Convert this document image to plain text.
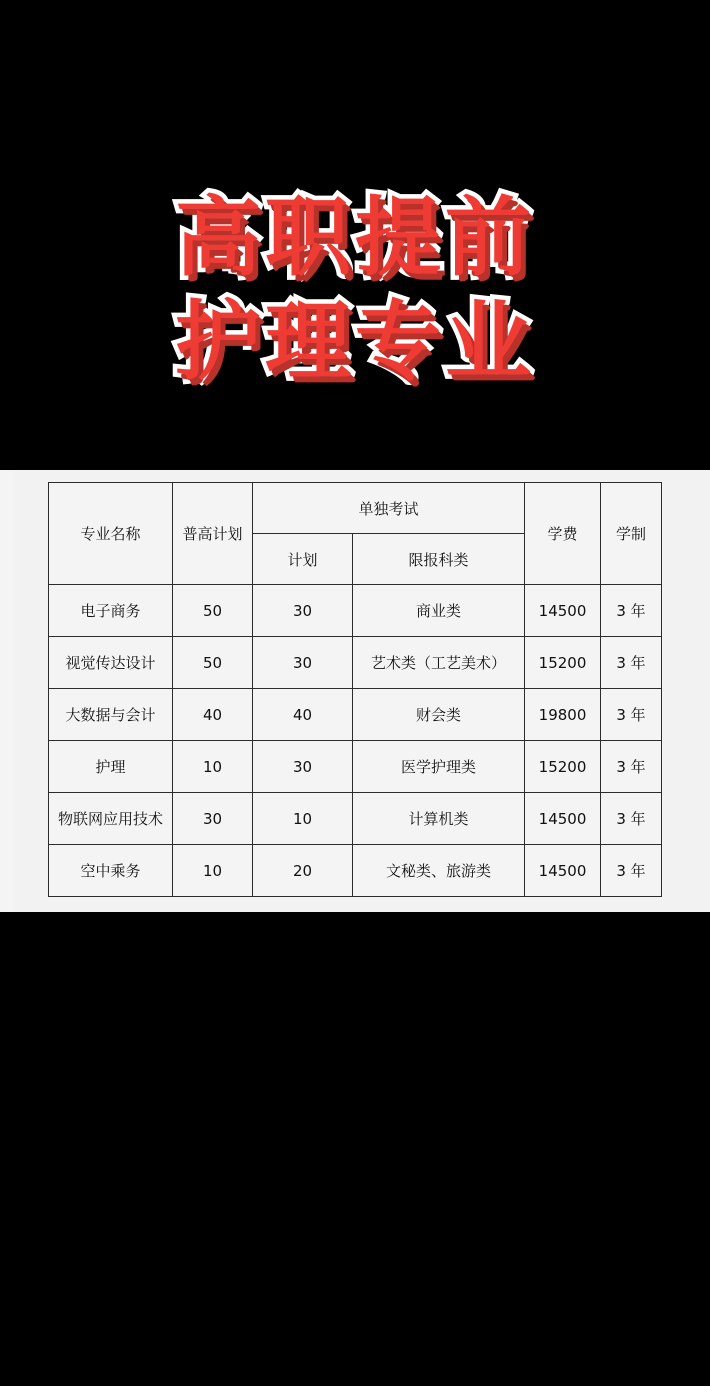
高职提前
护理专业
专业名称	普高计划	单独考试		学费	学制
		计划	限报科类		
电子商务	50	30	商业类	14500	3 年
视觉传达设计	50	30	艺术类（工艺美术）	15200	3 年
大数据与会计	40	40	财会类	19800	3 年
护理	10	30	医学护理类	15200	3 年
物联网应用技术	30	10	计算机类	14500	3 年
空中乘务	10	20	文秘类、旅游类	14500	3 年
